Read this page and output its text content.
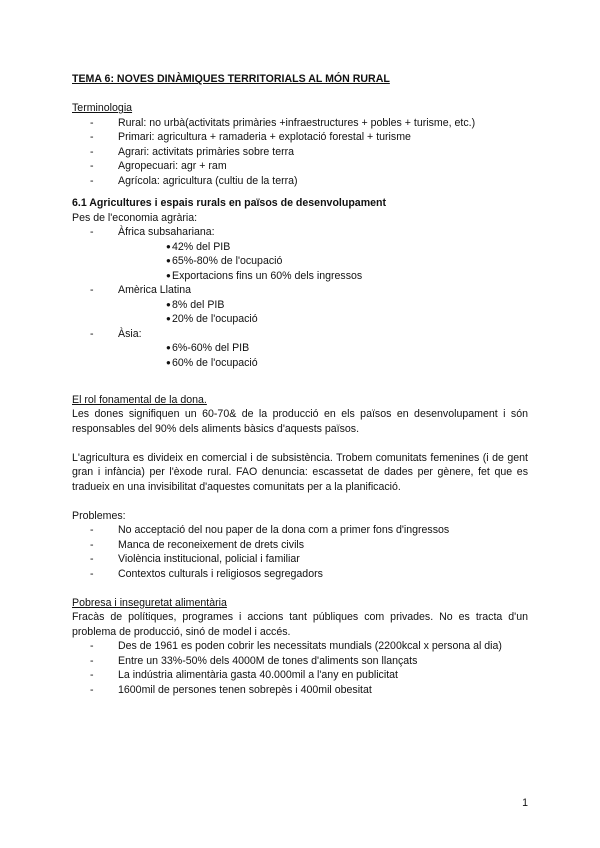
TEMA 6: NOVES DINÀMIQUES TERRITORIALS AL MÓN RURAL
Terminologia
- Rural: no urbà(activitats primàries +infraestructures + pobles + turisme, etc.)
- Primari: agricultura + ramaderia + explotació forestal + turisme
- Agrari: activitats primàries sobre terra
- Agropecuari: agr + ram
- Agrícola: agricultura (cultiu de la terra)
6.1 Agricultures i espais rurals en països de desenvolupament
Pes de l'economia agrària:
- Àfrica subsahariana:
● 42% del PIB
● 65%-80% de l'ocupació
● Exportacions fins un 60% dels ingressos
- Amèrica Llatina
● 8% del PIB
● 20% de l'ocupació
- Àsia:
● 6%-60% del PIB
● 60% de l'ocupació
El rol fonamental de la dona.
Les dones signifiquen un 60-70& de la producció en els països en desenvolupament i són responsables del 90% dels aliments bàsics d'aquests països.
L'agricultura es divideix en comercial i de subsistència. Trobem comunitats femenines (i de gent gran i infància) per l'èxode rural. FAO denuncia: escassetat de dades per gènere, fet que es tradueix en una invisibilitat d'aquestes comunitats per a la planificació.
Problemes:
- No acceptació del nou paper de la dona com a primer fons d'ingressos
- Manca de reconeixement de drets civils
- Violència institucional, policial i familiar
- Contextos culturals i religiosos segregadors
Pobresa i inseguretat alimentària
Fracàs de polítiques, programes i accions tant públiques com privades. No es tracta d'un problema de producció, sinó de model i accés.
- Des de 1961 es poden cobrir les necessitats mundials (2200kcal x persona al dia)
- Entre un 33%-50% dels 4000M de tones d'aliments son llançats
- La indústria alimentària gasta 40.000mil a l'any en publicitat
- 1600mil de persones tenen sobrepès i 400mil obesitat
1
